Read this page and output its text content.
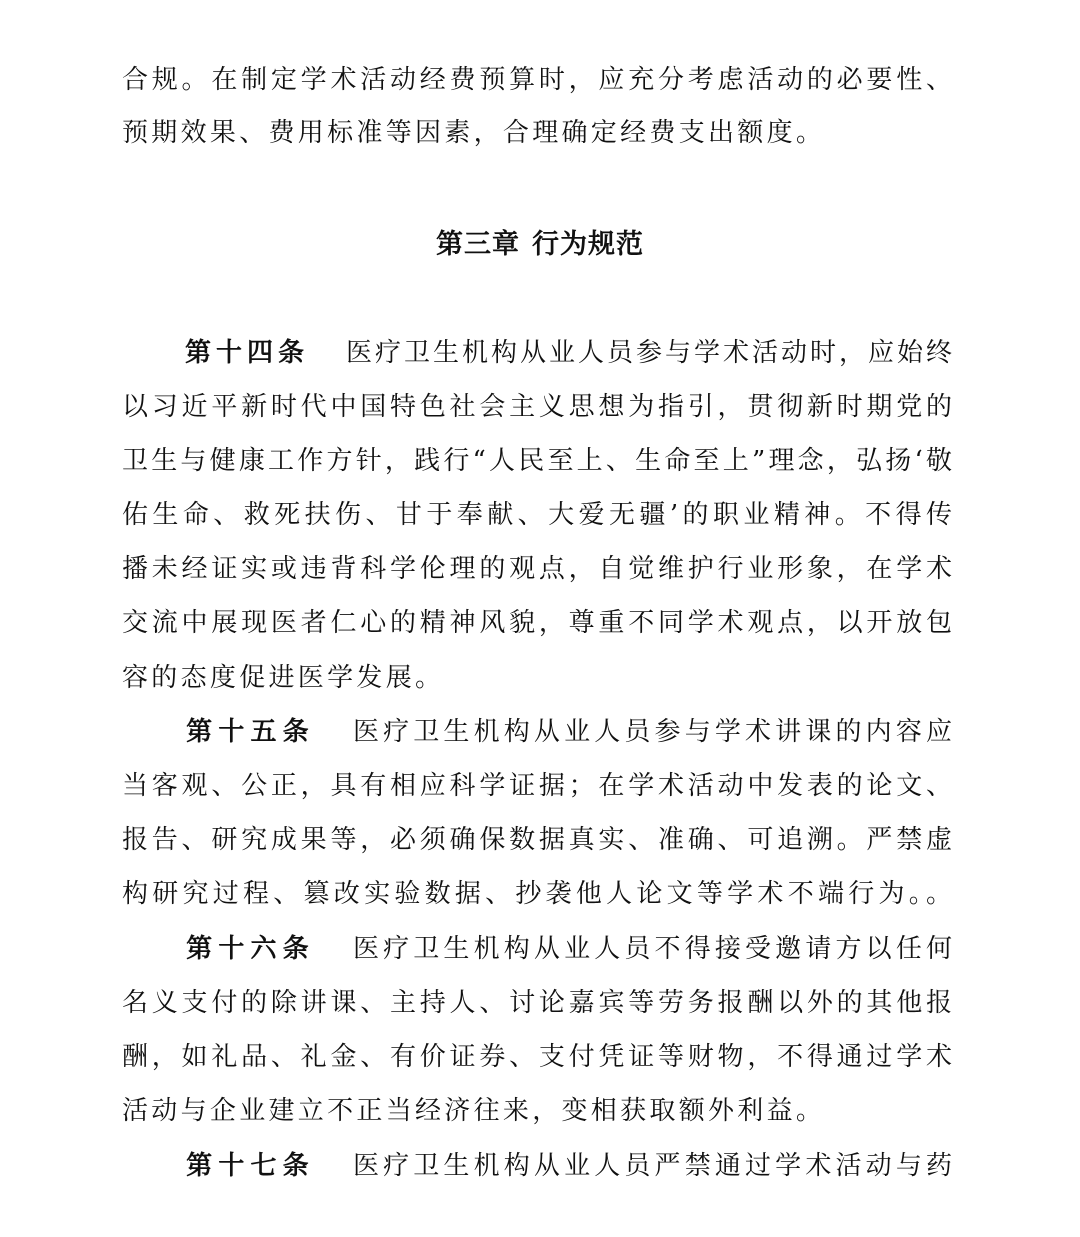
合规。在制定学术活动经费预算时，应充分考虑活动的必要性、
预期效果、费用标准等因素，合理确定经费支出额度。
第三章 行为规范
第十四条 医疗卫生机构从业人员参与学术活动时，应始终
以习近平新时代中国特色社会主义思想为指引，贯彻新时期党的
卫生与健康工作方针，践行“人民至上、生命至上”理念，弘扬‘敬
佑生命、救死扶伤、甘于奉献、大爱无疆’的职业精神。不得传
播未经证实或违背科学伦理的观点，自觉维护行业形象，在学术
交流中展现医者仁心的精神风貌，尊重不同学术观点，以开放包
容的态度促进医学发展。
第十五条 医疗卫生机构从业人员参与学术讲课的内容应
当客观、公正，具有相应科学证据；在学术活动中发表的论文、
报告、研究成果等，必须确保数据真实、准确、可追溯。严禁虚
构研究过程、篡改实验数据、抄袭他人论文等学术不端行为。。
第十六条 医疗卫生机构从业人员不得接受邀请方以任何
名义支付的除讲课、主持人、讨论嘉宾等劳务报酬以外的其他报
酬，如礼品、礼金、有价证券、支付凭证等财物，不得通过学术
活动与企业建立不正当经济往来，变相获取额外利益。
第十七条 医疗卫生机构从业人员严禁通过学术活动与药
